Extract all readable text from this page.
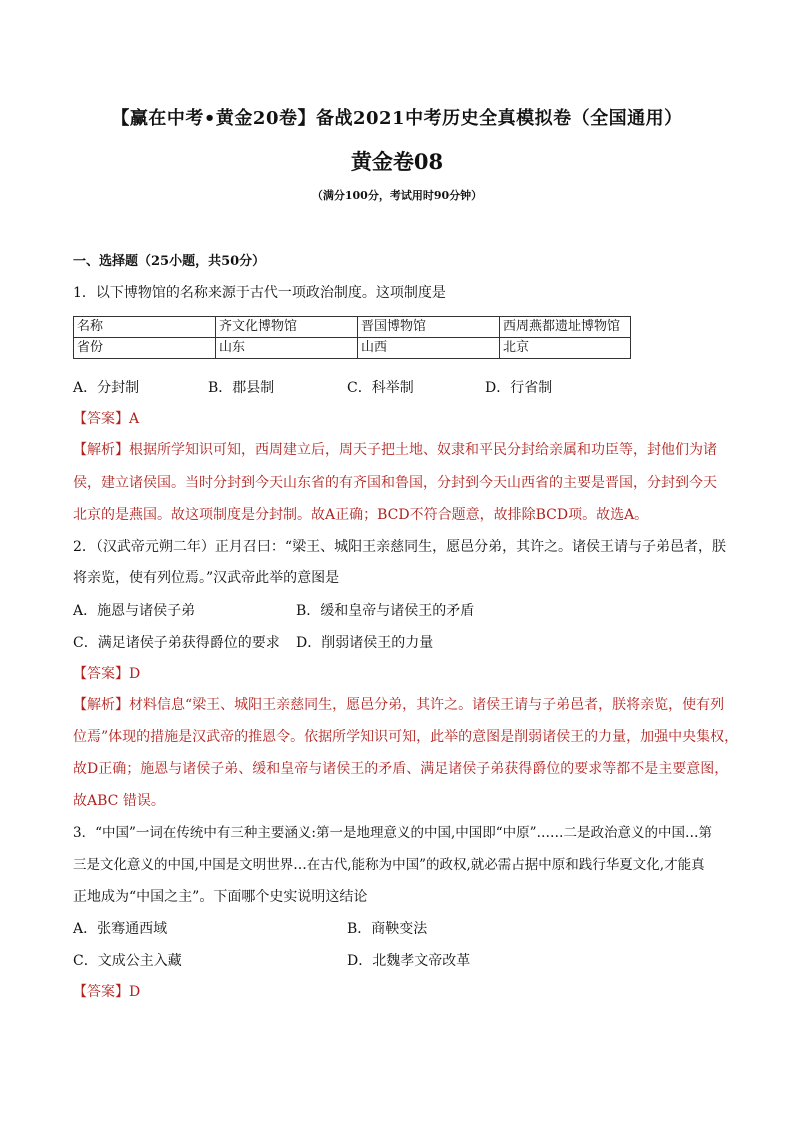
【赢在中考•黄金20卷】备战2021中考历史全真模拟卷（全国通用）
黄金卷08
（满分100分，考试用时90分钟）
一、选择题（25小题，共50分）
1．以下博物馆的名称来源于古代一项政治制度。这项制度是
名称	齐文化博物馆	晋国博物馆	西周燕都遗址博物馆
省份	山东	山西	北京
A．分封制	B．郡县制	C．科举制	D．行省制
【答案】A
【解析】根据所学知识可知，西周建立后，周天子把土地、奴隶和平民分封给亲属和功臣等，封他们为诸
侯，建立诸侯国。当时分封到今天山东省的有齐国和鲁国，分封到今天山西省的主要是晋国，分封到今天
北京的是燕国。故这项制度是分封制。故A正确；BCD不符合题意，故排除BCD项。故选A。
2．（汉武帝元朔二年）正月召曰：“梁王、城阳王亲慈同生，愿邑分弟，其许之。诸侯王请与子弟邑者，朕
将亲览，使有列位焉。”汉武帝此举的意图是
A．施恩与诸侯子弟	B．缓和皇帝与诸侯王的矛盾
C．满足诸侯子弟获得爵位的要求 D．削弱诸侯王的力量
【答案】D
【解析】材料信息“梁王、城阳王亲慈同生，愿邑分弟，其许之。诸侯王请与子弟邑者，朕将亲览，使有列
位焉”体现的措施是汉武帝的推恩令。依据所学知识可知，此举的意图是削弱诸侯王的力量，加强中央集权，
故D正确；施恩与诸侯子弟、缓和皇帝与诸侯王的矛盾、满足诸侯子弟获得爵位的要求等都不是主要意图，
故ABC 错误。
3．“中国”一词在传统中有三种主要涵义:第一是地理意义的中国,中国即“中原”……二是政治意义的中国…第
三是文化意义的中国,中国是文明世界…在古代,能称为中国”的政权,就必需占据中原和践行华夏文化,才能真
正地成为“中国之主”。下面哪个史实说明这结论
A．张骞通西域	B．商鞅变法
C．文成公主入藏	D．北魏孝文帝改革
【答案】D
